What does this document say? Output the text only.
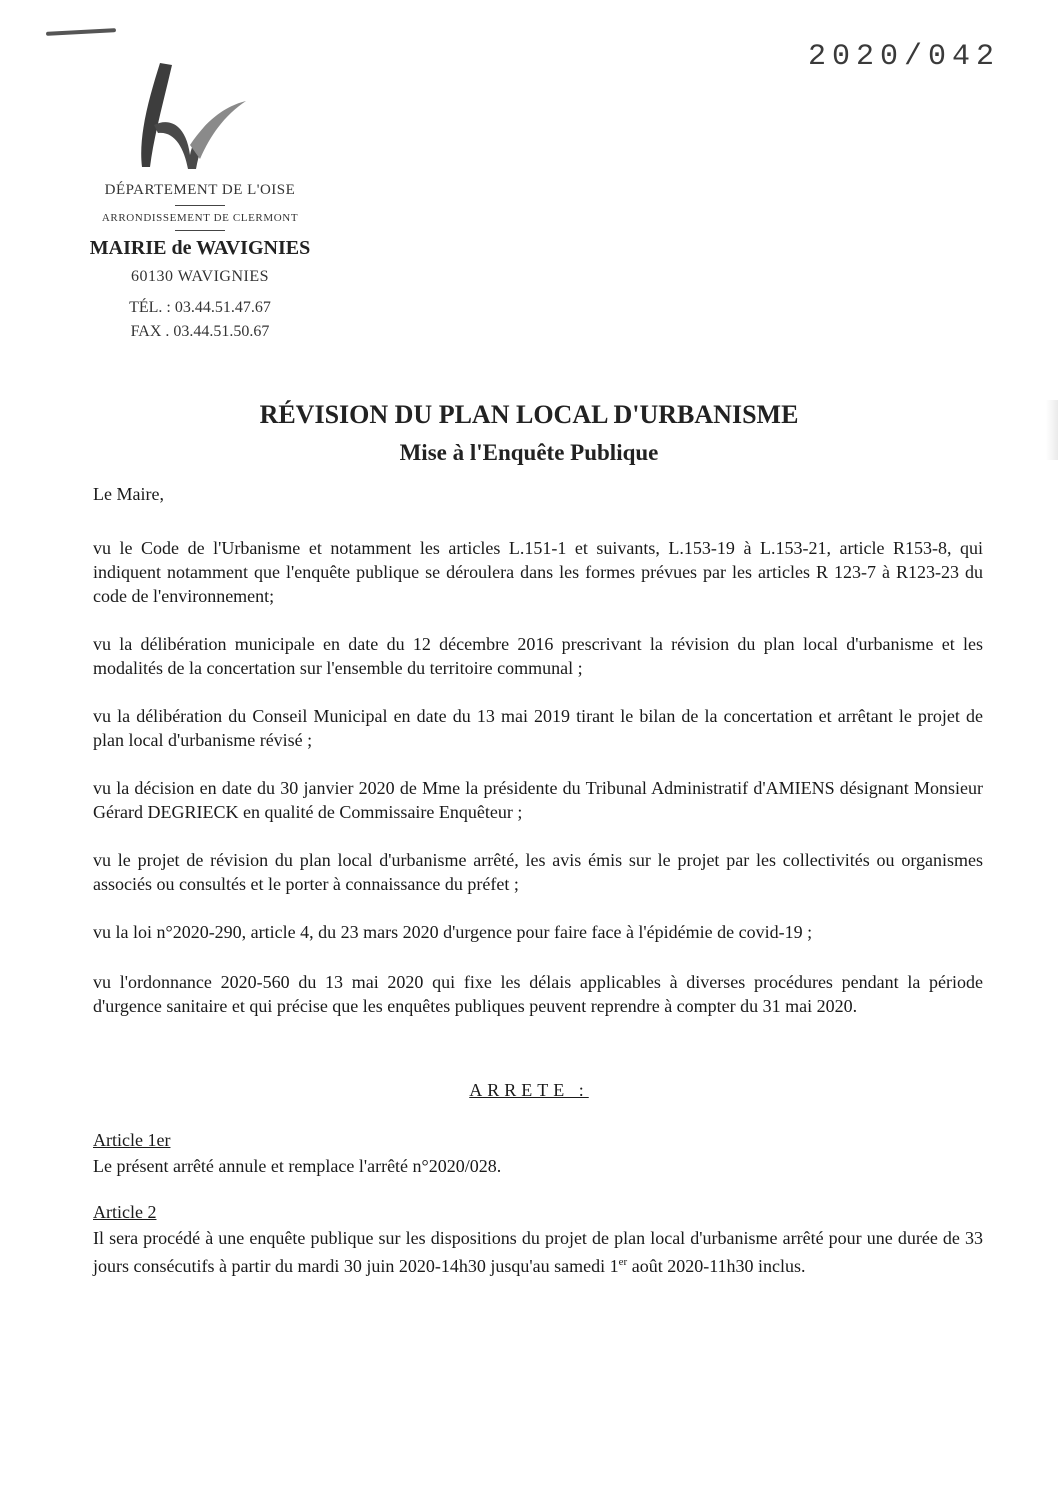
2020/042
DÉPARTEMENT DE L'OISE
ARRONDISSEMENT DE CLERMONT
MAIRIE de WAVIGNIES
60130 WAVIGNIES
TÉL. : 03.44.51.47.67
FAX . 03.44.51.50.67
RÉVISION DU PLAN LOCAL D'URBANISME
Mise à l'Enquête Publique
Le Maire,
vu le Code de l'Urbanisme et notamment les articles L.151-1 et suivants, L.153-19 à L.153-21, article R153-8, qui indiquent notamment que l'enquête publique se déroulera dans les formes prévues par les articles R 123-7 à R123-23 du code de l'environnement;
vu la délibération municipale en date du 12 décembre 2016 prescrivant la révision du plan local d'urbanisme et les modalités de la concertation sur l'ensemble du territoire communal ;
vu la délibération du Conseil Municipal en date du 13 mai 2019 tirant le bilan de la concertation et arrêtant le projet de plan local d'urbanisme révisé ;
vu la décision en date du 30 janvier 2020 de Mme la présidente du Tribunal Administratif d'AMIENS désignant Monsieur Gérard DEGRIECK en qualité de Commissaire Enquêteur ;
vu le projet de révision du plan local d'urbanisme arrêté, les avis émis sur le projet par les collectivités ou organismes associés ou consultés et le porter à connaissance du préfet ;
vu la loi n°2020-290, article 4, du 23 mars 2020 d'urgence pour faire face à l'épidémie de covid-19 ;
vu l'ordonnance 2020-560 du 13 mai 2020 qui fixe les délais applicables à diverses procédures pendant la période d'urgence sanitaire et qui précise que les enquêtes publiques peuvent reprendre à compter du 31 mai 2020.
ARRETE :
Article 1er
Le présent arrêté annule et remplace l'arrêté n°2020/028.
Article 2
Il sera procédé à une enquête publique sur les dispositions du projet de plan local d'urbanisme arrêté pour une durée de 33 jours consécutifs à partir du mardi 30 juin 2020-14h30 jusqu'au samedi 1er août 2020-11h30 inclus.
